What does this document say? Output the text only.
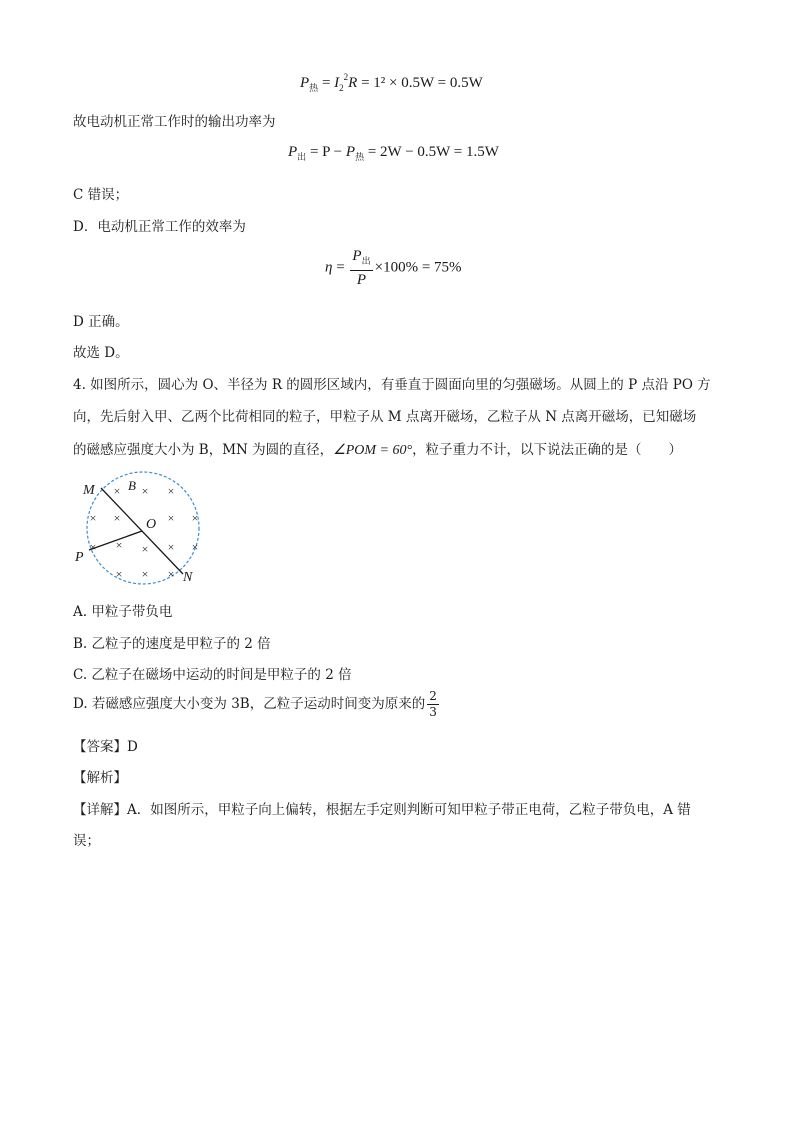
$P_热 = I_2^2R = 1^2 \times 0.5W = 0.5W$
故电动机正常工作时的输出功率为
$P_出 = P - P_热 = 2W - 0.5W = 1.5W$
C 错误；
D．电动机正常工作的效率为
$\eta = \frac{P_出}{P} \times 100\% = 75\%$
D 正确。
故选 D。
4. 如图所示，圆心为 O、半径为 R 的圆形区域内，有垂直于圆面向里的匀强磁场。从圆上的 P 点沿 PO 方
向，先后射入甲、乙两个比荷相同的粒子，甲粒子从 M 点离开磁场，乙粒子从 N 点离开磁场，已知磁场
的磁感应强度大小为 B，MN 为圆的直径，∠POM = 60°，粒子重力不计，以下说法正确的是（　　）
× × ×
× ×	× ×
× × × × ×
× × ×
M	B
O
P
N
A. 甲粒子带负电
B. 乙粒子的速度是甲粒子的 2 倍
C. 乙粒子在磁场中运动的时间是甲粒子的 2 倍
D. 若磁感应强度大小变为 3B，乙粒子运动时间变为原来的 $\frac{2}{3}$
【答案】D
【解析】
【详解】A．如图所示，甲粒子向上偏转，根据左手定则判断可知甲粒子带正电荷，乙粒子带负电，A 错
误；
